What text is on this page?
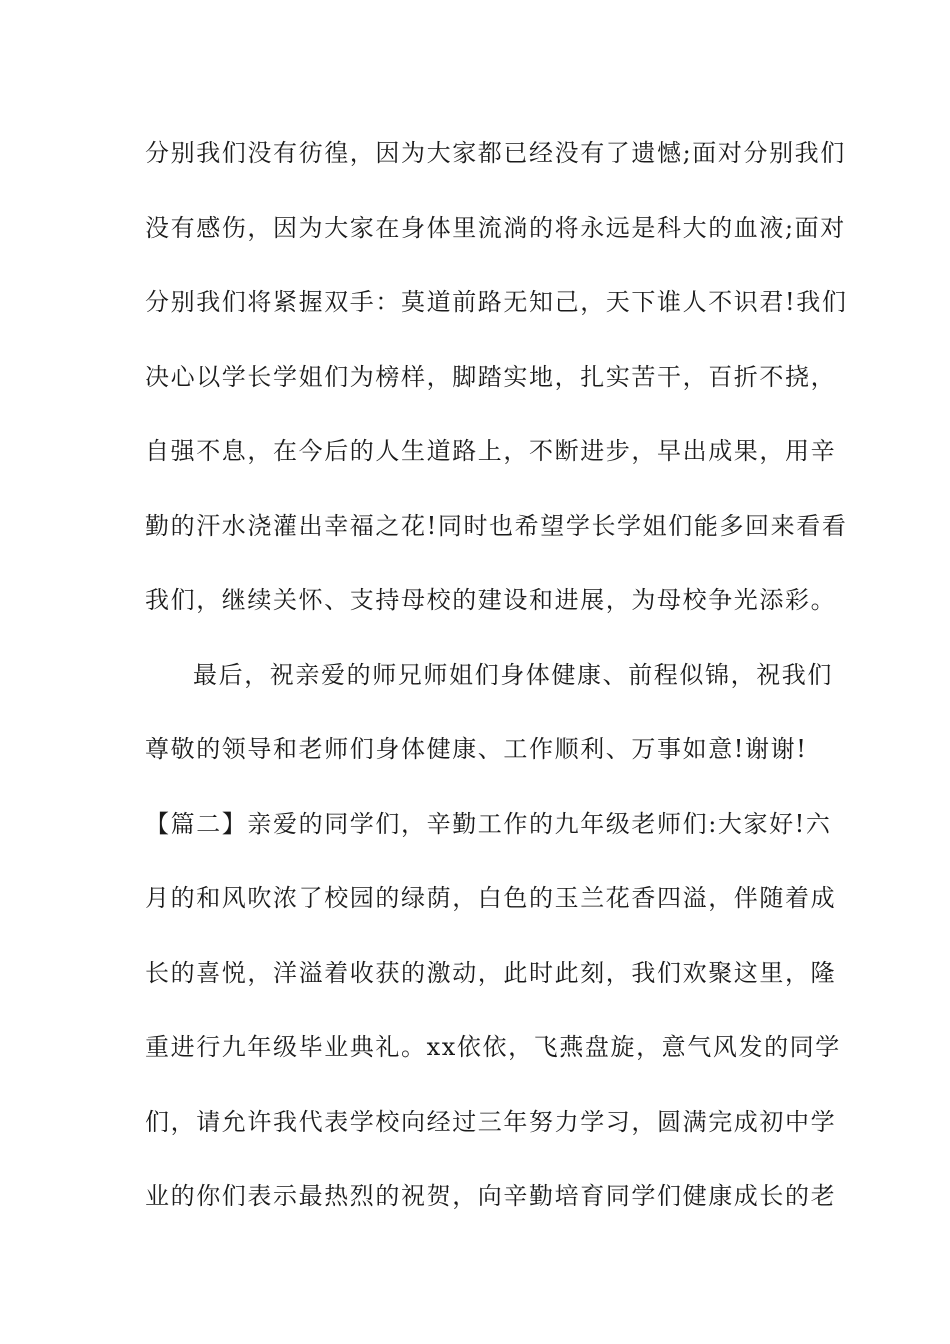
分别我们没有彷徨，因为大家都已经没有了遗憾;面对分别我们
没有感伤，因为大家在身体里流淌的将永远是科大的血液;面对
分别我们将紧握双手：莫道前路无知己，天下谁人不识君!我们
决心以学长学姐们为榜样，脚踏实地，扎实苦干，百折不挠，
自强不息，在今后的人生道路上，不断进步，早出成果，用辛
勤的汗水浇灌出幸福之花!同时也希望学长学姐们能多回来看看
我们，继续关怀、支持母校的建设和进展，为母校争光添彩。
最后，祝亲爱的师兄师姐们身体健康、前程似锦，祝我们
尊敬的领导和老师们身体健康、工作顺利、万事如意!谢谢!
【篇二】亲爱的同学们，辛勤工作的九年级老师们:大家好!六
月的和风吹浓了校园的绿荫，白色的玉兰花香四溢，伴随着成
长的喜悦，洋溢着收获的激动，此时此刻，我们欢聚这里，隆
重进行九年级毕业典礼。xx依依，飞燕盘旋，意气风发的同学
们，请允许我代表学校向经过三年努力学习，圆满完成初中学
业的你们表示最热烈的祝贺，向辛勤培育同学们健康成长的老
